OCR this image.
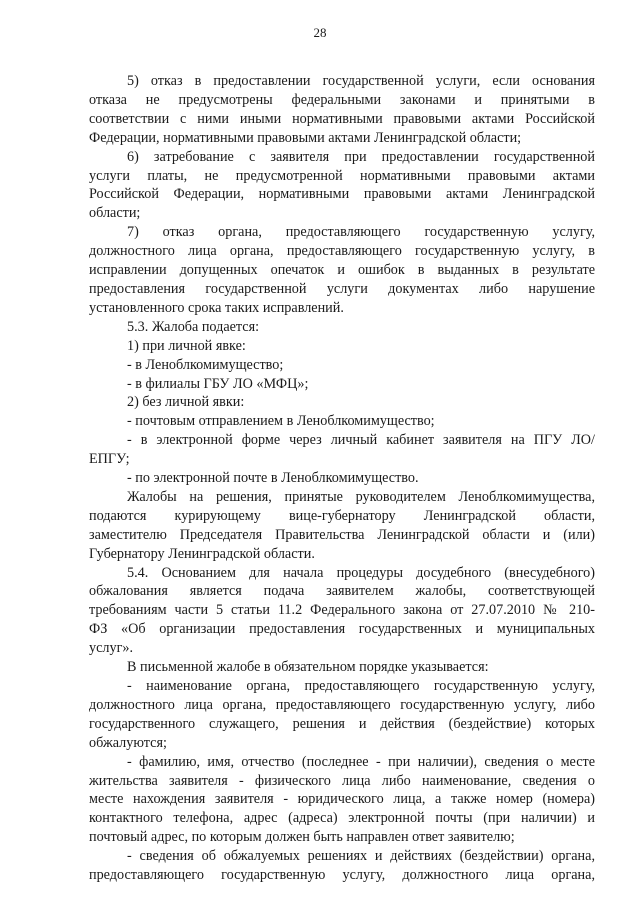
28

5) отказ в предоставлении государственной услуги, если основания

отказа не предусмотрены федеральными законами и принятыми в

соответствии с ними иными нормативными правовыми актами Российской

Федерации, нормативными правовыми актами Ленинградской области;

6) затребование с заявителя при предоставлении государственной

услуги платы, не предусмотренной нормативными правовыми актами

Российской Федерации, нормативными правовыми актами Ленинградской

области;

7) отказ органа, предоставляющего государственную услугу,

должностного лица органа, предоставляющего государственную услугу, в

исправлении допущенных опечаток и ошибок в выданных в результате

предоставления государственной услуги документах либо нарушение

установленного срока таких исправлений.

5.3. Жалоба подается:

1) при личной явке:

- в Леноблкомимущество;

- в филиалы ГБУ ЛО «МФЦ»;

2) без личной явки:

- почтовым отправлением в Леноблкомимущество;

- в электронной форме через личный кабинет заявителя на ПГУ ЛО/

ЕПГУ;

- по электронной почте в Леноблкомимущество.

Жалобы на решения, принятые руководителем Леноблкомимущества,

подаются курирующему вице-губернатору Ленинградской области,

заместителю Председателя Правительства Ленинградской области и (или)

Губернатору Ленинградской области.

5.4. Основанием для начала процедуры досудебного (внесудебного)

обжалования является подача заявителем жалобы, соответствующей

требованиям части 5 статьи 11.2 Федерального закона от 27.07.2010 № 210-

ФЗ «Об организации предоставления государственных и муниципальных

услуг».

В письменной жалобе в обязательном порядке указывается:

- наименование органа, предоставляющего государственную услугу,

должностного лица органа, предоставляющего государственную услугу, либо

государственного служащего, решения и действия (бездействие) которых

обжалуются;

- фамилию, имя, отчество (последнее - при наличии), сведения о месте

жительства заявителя - физического лица либо наименование, сведения о

месте нахождения заявителя - юридического лица, а также номер (номера)

контактного телефона, адрес (адреса) электронной почты (при наличии) и

почтовый адрес, по которым должен быть направлен ответ заявителю;

- сведения об обжалуемых решениях и действиях (бездействии) органа,

предоставляющего государственную услугу, должностного лица органа,
